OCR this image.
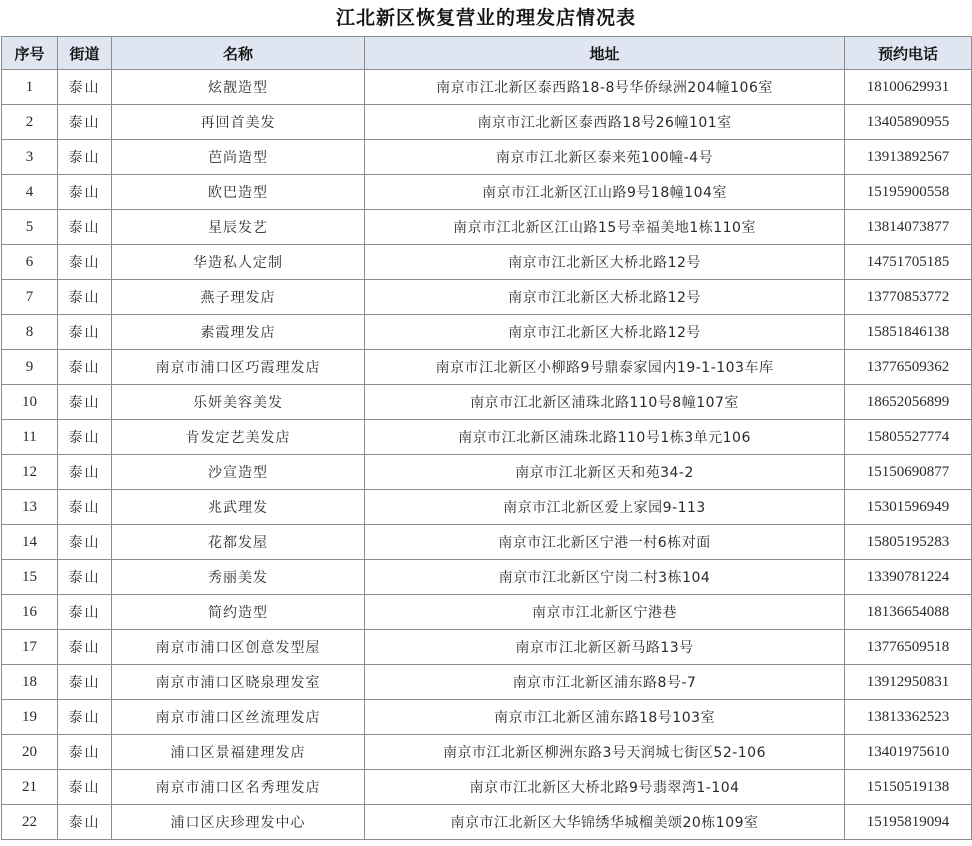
江北新区恢复营业的理发店情况表
序号	街道	名称	地址	预约电话
1	泰山	炫靓造型	南京市江北新区泰西路18-8号华侨绿洲204幢106室	18100629931
2	泰山	再回首美发	南京市江北新区泰西路18号26幢101室	13405890955
3	泰山	芭尚造型	南京市江北新区泰来苑100幢-4号	13913892567
4	泰山	欧巴造型	南京市江北新区江山路9号18幢104室	15195900558
5	泰山	星辰发艺	南京市江北新区江山路15号幸福美地1栋110室	13814073877
6	泰山	华造私人定制	南京市江北新区大桥北路12号	14751705185
7	泰山	燕子理发店	南京市江北新区大桥北路12号	13770853772
8	泰山	素霞理发店	南京市江北新区大桥北路12号	15851846138
9	泰山	南京市浦口区巧霞理发店	南京市江北新区小柳路9号鼎泰家园内19-1-103车库	13776509362
10	泰山	乐妍美容美发	南京市江北新区浦珠北路110号8幢107室	18652056899
11	泰山	肯发定艺美发店	南京市江北新区浦珠北路110号1栋3单元106	15805527774
12	泰山	沙宣造型	南京市江北新区天和苑34-2	15150690877
13	泰山	兆武理发	南京市江北新区爱上家园9-113	15301596949
14	泰山	花都发屋	南京市江北新区宁港一村6栋对面	15805195283
15	泰山	秀丽美发	南京市江北新区宁岗二村3栋104	13390781224
16	泰山	简约造型	南京市江北新区宁港巷	18136654088
17	泰山	南京市浦口区创意发型屋	南京市江北新区新马路13号	13776509518
18	泰山	南京市浦口区晓泉理发室	南京市江北新区浦东路8号-7	13912950831
19	泰山	南京市浦口区丝流理发店	南京市江北新区浦东路18号103室	13813362523
20	泰山	浦口区景福建理发店	南京市江北新区柳洲东路3号天润城七街区52-106	13401975610
21	泰山	南京市浦口区名秀理发店	南京市江北新区大桥北路9号翡翠湾1-104	15150519138
22	泰山	浦口区庆珍理发中心	南京市江北新区大华锦绣华城榴美颂20栋109室	15195819094
